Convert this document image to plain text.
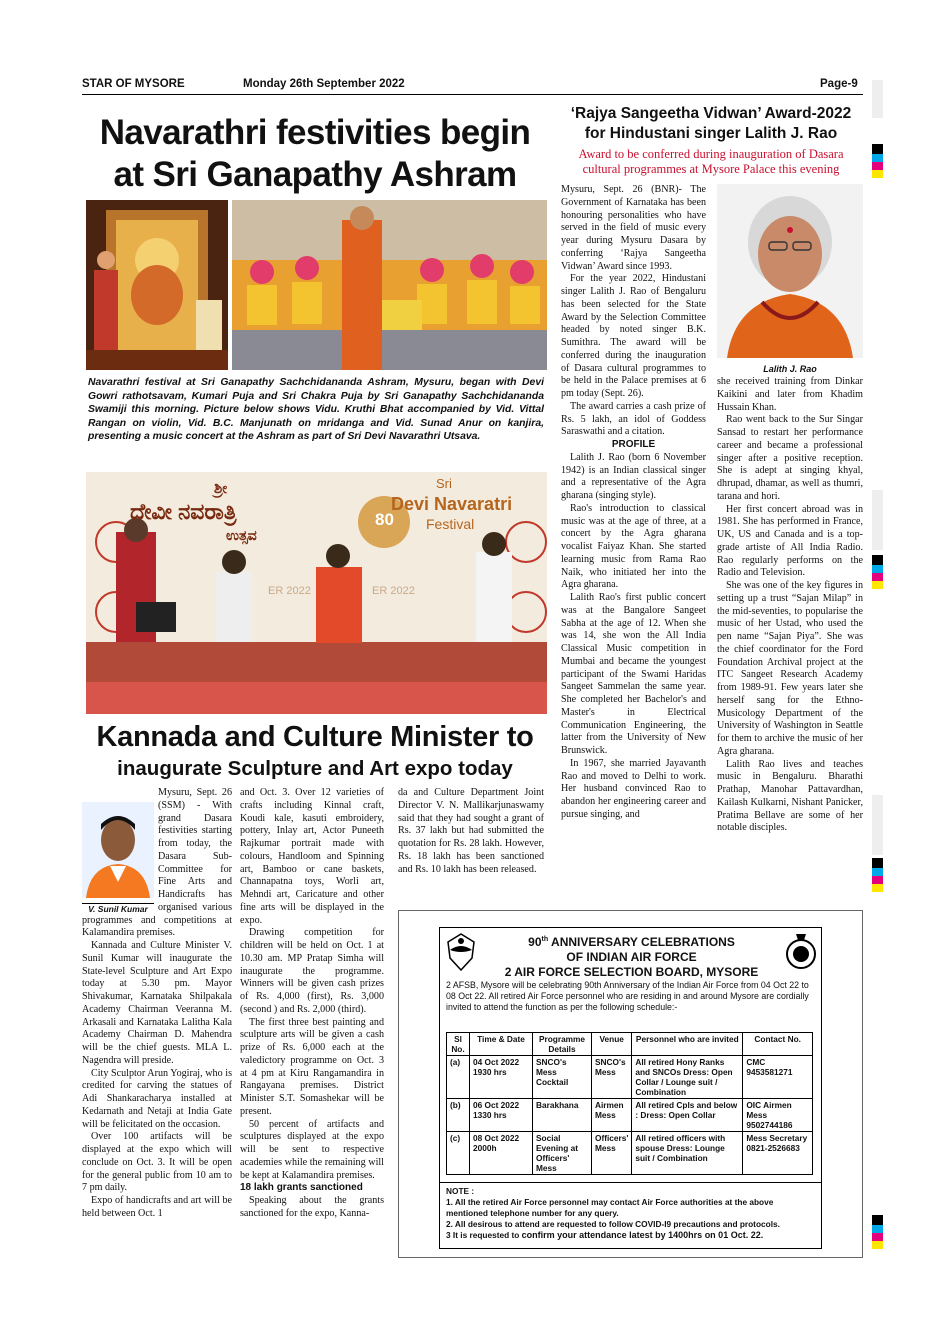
STAR OF MYSORE	Monday 26th September 2022	Page-9
Navarathri festivities begin
at Sri Ganapathy Ashram
Navarathri festival at Sri Ganapathy Sachchidananda Ashram, Mysuru, began with Devi Gowri rathotsavam, Kumari Puja and Sri Chakra Puja by Sri Ganapathy Sachchidananda Swamiji this morning. Picture below shows Vidu. Kruthi Bhat accompanied by Vid. Vittal Rangan on violin, Vid. B.C. Manjunath on mridanga and Vid. Sunad Anur on kanjira, presenting a music concert at the Ashram as part of Sri Devi Navarathri Utsava.
ಶ್ರೀ
ದೇವೀ ನವರಾತ್ರಿ
ಉತ್ಸವ
80
Sri
Devi Navaratri
Festival
ER 2022	ER 2022
Kannada and Culture Minister to
inaugurate Sculpture and Art expo today
V. Sunil Kumar

Mysuru, Sept. 26 (SSM) - With grand Dasara festivities starting from today, the Dasara Sub-Committee for Fine Arts and Handicrafts has organised various programmes and competitions at Kalamandira premises.

Kannada and Culture Minister V. Sunil Kumar will inaugurate the State-level Sculpture and Art Expo today at 5.30 pm. Mayor Shivakumar, Karnataka Shilpakala Academy Chairman Veeranna M. Arkasali and Karnataka Lalitha Kala Academy Chairman D. Mahendra will be the chief guests. MLA L. Nagendra will preside.

City Sculptor Arun Yogiraj, who is credited for carving the statues of Adi Shankaracharya installed at Kedarnath and Netaji at India Gate will be felicitated on the occasion.

Over 100 artifacts will be displayed at the expo which will conclude on Oct. 3. It will be open for the general public from 10 am to 7 pm daily.

Expo of handicrafts and art will be held between Oct. 1

and Oct. 3. Over 12 varieties of crafts including Kinnal craft, Koudi kale, kasuti embroidery, pottery, Inlay art, Actor Puneeth Rajkumar portrait made with colours, Handloom and Spinning art, Bamboo or cane baskets, Channapatna toys, Worli art, Mehndi art, Caricature and other fine arts will be displayed in the expo.

Drawing competition for children will be held on Oct. 1 at 10.30 am. MP Pratap Simha will inaugurate the programme. Winners will be given cash prizes of Rs. 4,000 (first), Rs. 3,000 (second ) and Rs. 2,000 (third).

The first three best painting and sculpture arts will be given a cash prize of Rs. 6,000 each at the valedictory programme on Oct. 3 at 4 pm at Kiru Rangamandira in Rangayana premises. District Minister S.T. Somashekar will be present.

50 percent of artifacts and sculptures displayed at the expo will be sent to respective academies while the remaining will be kept at Kalamandira premises.

18 lakh grants sanctioned

Speaking about the grants sanctioned for the expo, Kanna-

da and Culture Department Joint Director V. N. Mallikarjunaswamy said that they had sought a grant of Rs. 37 lakh but had submitted the quotation for Rs. 28 lakh. However, Rs. 18 lakh has been sanctioned and Rs. 10 lakh has been released.

‘Rajya Sangeetha Vidwan’ Award-2022
for Hindustani singer Lalith J. Rao
Award to be conferred during inauguration of Dasara cultural programmes at Mysore Palace this evening

Mysuru, Sept. 26 (BNR)- The Government of Karnataka has been honouring personalities who have served in the field of music every year during Mysuru Dasara by conferring ‘Rajya Sangeetha Vidwan’ Award since 1993.

For the year 2022, Hindustani singer Lalith J. Rao of Bengaluru has been selected for the State Award by the Selection Committee headed by noted singer B.K. Sumithra. The award will be conferred during the inauguration of Dasara cultural programmes to be held in the Palace premises at 6 pm today (Sept. 26).

The award carries a cash prize of Rs. 5 lakh, an idol of Goddess Saraswathi and a citation.

PROFILE

Lalith J. Rao (born 6 November 1942) is an Indian classical singer and a representative of the Agra gharana (singing style).

Rao's introduction to classical music was at the age of three, at a concert by the Agra gharana vocalist Faiyaz Khan. She started learning music from Rama Rao Naik, who initiated her into the Agra gharana.

Lalith Rao's first public concert was at the Bangalore Sangeet Sabha at the age of 12. When she was 14, she won the All India Classical Music competition in Mumbai and became the youngest participant of the Swami Haridas Sangeet Sammelan the same year. She completed her Bachelor's and Master's in Electrical Communication Engineering, the latter from the University of New Brunswick.

In 1967, she married Jayavanth Rao and moved to Delhi to work. Her husband convinced Rao to abandon her engineering career and pursue singing, and

Lalith J. Rao

she received training from Dinkar Kaikini and later from Khadim Hussain Khan.

Rao went back to the Sur Singar Sansad to restart her performance career and became a professional singer after a positive reception. She is adept at singing khyal, dhrupad, dhamar, as well as thumri, tarana and hori.

Her first concert abroad was in 1981. She has performed in France, UK, US and Canada and is a top-grade artiste of All India Radio. Rao regularly performs on the Radio and Television.

She was one of the key figures in setting up a trust “Sajan Milap” in the mid-seventies, to popularise the music of her Ustad, who used the pen name “Sajan Piya”. She was the chief coordinator for the Ford Foundation Archival project at the ITC Sangeet Research Academy from 1989-91. Few years later she herself sang for the Ethno-Musicology Department of the University of Washington in Seattle for them to archive the music of her Agra gharana.

Lalith Rao lives and teaches music in Bengaluru. Bharathi Prathap, Manohar Pattavardhan, Kailash Kulkarni, Nishant Panicker, Pratima Bellave are some of her notable disciples.

90th ANNIVERSARY CELEBRATIONS
OF INDIAN AIR FORCE
2 AIR FORCE SELECTION BOARD, MYSORE
2 AFSB, Mysore will be celebrating 90th Anniversary of the Indian Air Force from 04 Oct 22 to 08 Oct 22. All retired Air Force personnel who are residing in and around Mysore are cordially invited to attend the function as per the following schedule:-
Sl No.	Time & Date	Programme Details	Venue	Personnel who are invited	Contact No.
(a)	04 Oct 2022 1930 hrs	SNCO's Mess Cocktail	SNCO's Mess	All retired Hony Ranks and SNCOs Dress: Open Collar / Lounge suit / Combination	CMC 9453581271
(b)	06 Oct 2022 1330 hrs	Barakhana	Airmen Mess	All retired Cpls and below : Dress: Open Collar	OIC Airmen Mess 9502744186
(c)	08 Oct 2022 2000h	Social Evening at Officers' Mess	Officers' Mess	All retired officers with spouse Dress: Lounge suit / Combination	Mess Secretary 0821-2526683
NOTE :
1. All the retired Air Force personnel may contact Air Force authorities at the above mentioned telephone number for any query.
2. All desirous to attend are requested to follow COVID-I9 precautions and protocols.
3 It is requested to confirm your attendance latest by 1400hrs on 01 Oct. 22.
